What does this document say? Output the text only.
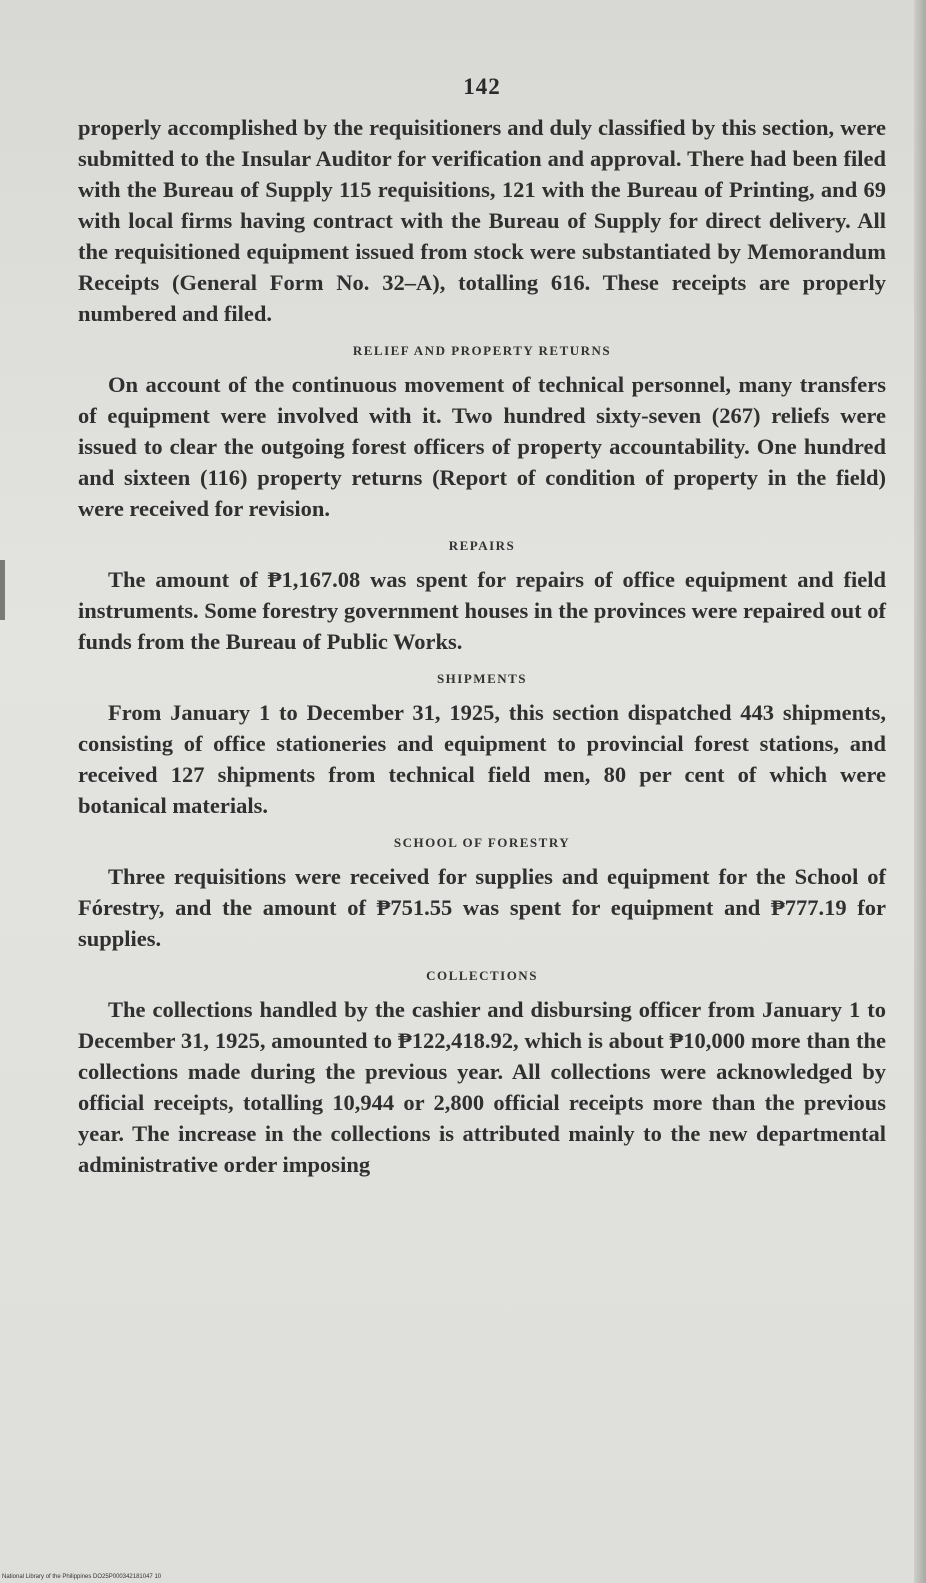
142

properly accomplished by the requisitioners and duly classified by this section, were submitted to the Insular Auditor for verification and approval. There had been filed with the Bureau of Supply 115 requisitions, 121 with the Bureau of Printing, and 69 with local firms having contract with the Bureau of Supply for direct delivery. All the requisitioned equipment issued from stock were substantiated by Memorandum Receipts (General Form No. 32–A), totalling 616. These receipts are properly numbered and filed.

RELIEF AND PROPERTY RETURNS

On account of the continuous movement of technical personnel, many transfers of equipment were involved with it. Two hundred sixty-seven (267) reliefs were issued to clear the outgoing forest officers of property accountability. One hundred and sixteen (116) property returns (Report of condition of property in the field) were received for revision.

REPAIRS

The amount of ₱1,167.08 was spent for repairs of office equipment and field instruments. Some forestry government houses in the provinces were repaired out of funds from the Bureau of Public Works.

SHIPMENTS

From January 1 to December 31, 1925, this section dispatched 443 shipments, consisting of office stationeries and equipment to provincial forest stations, and received 127 shipments from technical field men, 80 per cent of which were botanical materials.

SCHOOL OF FORESTRY

Three requisitions were received for supplies and equipment for the School of Fórestry, and the amount of ₱751.55 was spent for equipment and ₱777.19 for supplies.

COLLECTIONS

The collections handled by the cashier and disbursing officer from January 1 to December 31, 1925, amounted to ₱122,418.92, which is about ₱10,000 more than the collections made during the previous year. All collections were acknowledged by official receipts, totalling 10,944 or 2,800 official receipts more than the previous year. The increase in the collections is attributed mainly to the new departmental administrative order imposing

National Library of the Philippines DO25P000342181047 10
